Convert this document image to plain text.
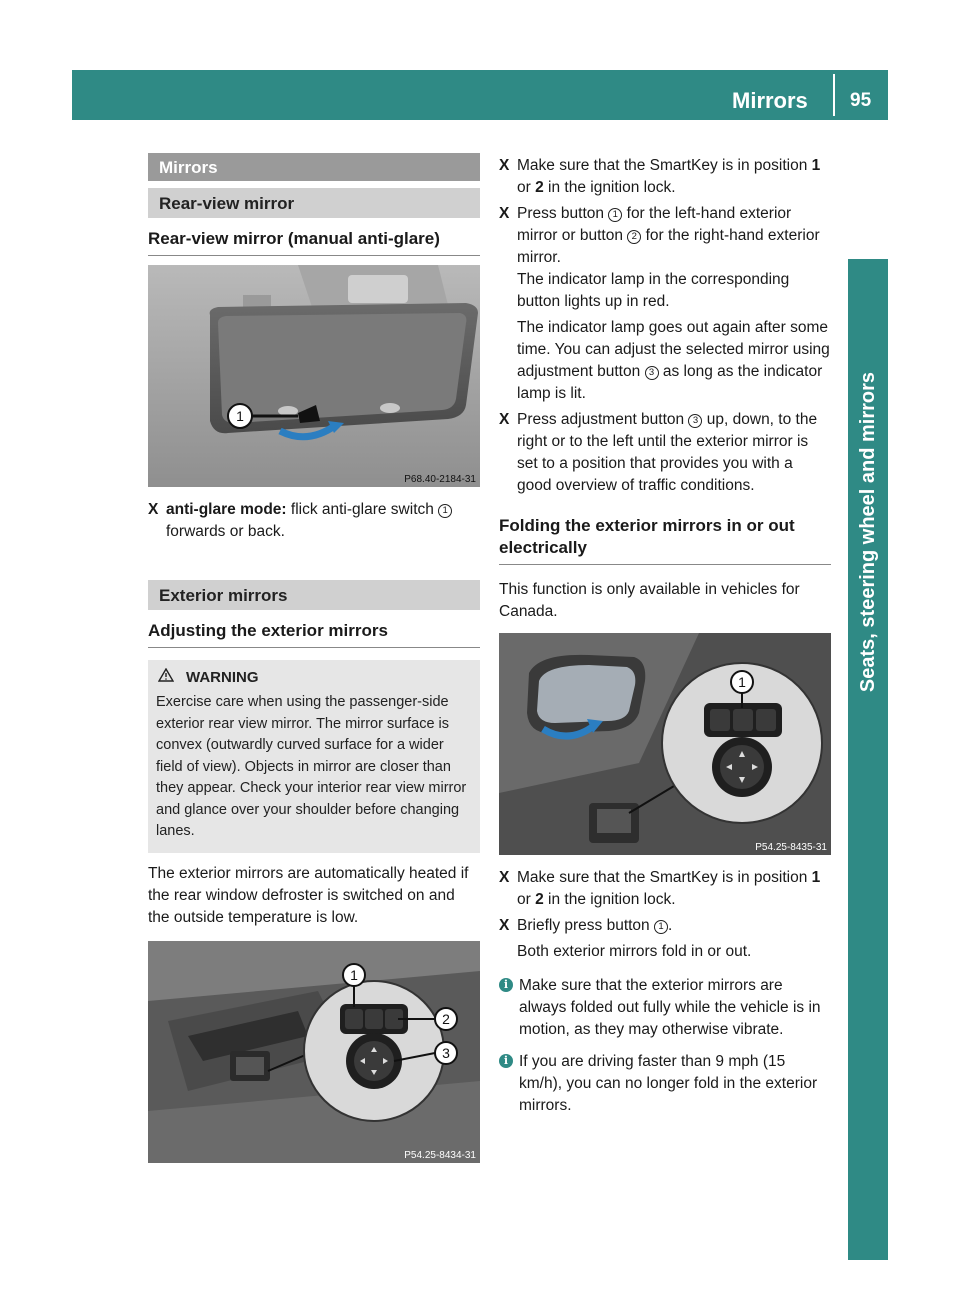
Mirrors 95
Seats, steering wheel and mirrors
Mirrors
Rear-view mirror
Rear-view mirror (manual anti-glare)
1
P68.40-2184-31
X anti-glare mode: flick anti-glare switch 1 forwards or back.
Exterior mirrors
Adjusting the exterior mirrors
WARNING
Exercise care when using the passenger-side exterior rear view mirror. The mirror surface is convex (outwardly curved surface for a wider field of view). Objects in mirror are closer than they appear. Check your interior rear view mirror and glance over your shoulder before changing lanes.

The exterior mirrors are automatically heated if the rear window defroster is switched on and the outside temperature is low.

1
2
3
P54.25-8434-31
X Make sure that the SmartKey is in position 1 or 2 in the ignition lock.
X Press button 1 for the left-hand exterior mirror or button 2 for the right-hand exterior mirror.
The indicator lamp in the corresponding button lights up in red.
The indicator lamp goes out again after some time. You can adjust the selected mirror using adjustment button 3 as long as the indicator lamp is lit.
X Press adjustment button 3 up, down, to the right or to the left until the exterior mirror is set to a position that provides you with a good overview of traffic conditions.
Folding the exterior mirrors in or out electrically

This function is only available in vehicles for Canada.

1
P54.25-8435-31
X Make sure that the SmartKey is in position 1 or 2 in the ignition lock.
X Briefly press button 1 .
Both exterior mirrors fold in or out.
i Make sure that the exterior mirrors are always folded out fully while the vehicle is in motion, as they may otherwise vibrate.
i If you are driving faster than 9 mph (15 km/h), you can no longer fold in the exterior mirrors.
